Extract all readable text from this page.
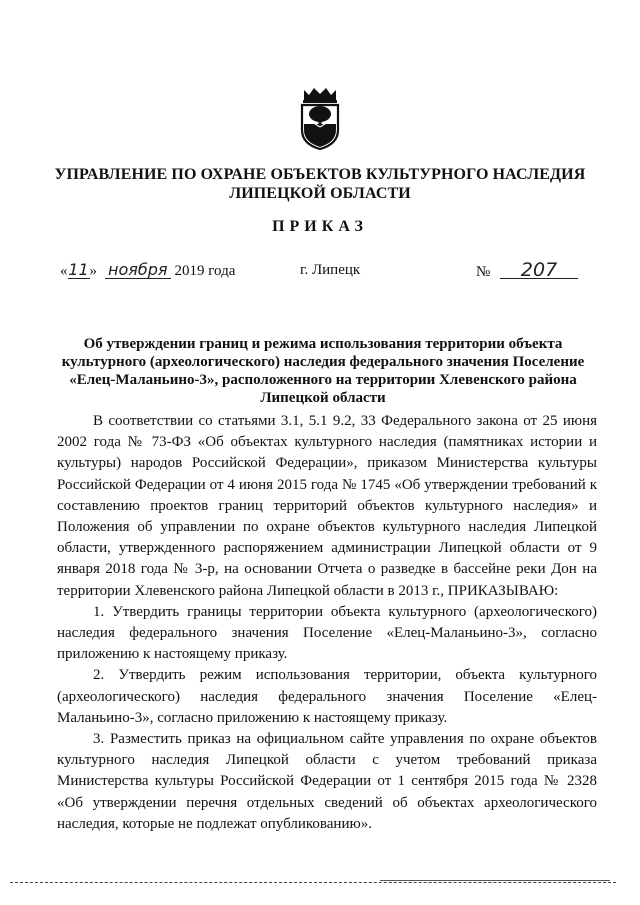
УПРАВЛЕНИЕ ПО ОХРАНЕ ОБЪЕКТОВ КУЛЬТУРНОГО НАСЛЕДИЯ
ЛИПЕЦКОЙ ОБЛАСТИ
ПРИКАЗ
«11» ноября 2019 года	г. Липецк	№ 207
Об утверждении границ и режима использования территории объекта
культурного (археологического) наследия федерального значения Поселение
«Елец-Маланьино-3», расположенного на территории Хлевенского района
Липецкой области

В соответствии со статьями 3.1, 5.1 9.2, 33 Федерального закона от 25 июня 2002 года № 73-ФЗ «Об объектах культурного наследия (памятниках истории и культуры) народов Российской Федерации», приказом Министерства культуры Российской Федерации от 4 июня 2015 года № 1745 «Об утверждении требований к составлению проектов границ территорий объектов культурного наследия» и Положения об управлении по охране объектов культурного наследия Липецкой области, утвержденного распоряжением администрации Липецкой области от 9 января 2018 года № 3-р, на основании Отчета о разведке в бассейне реки Дон на территории Хлевенского района Липецкой области в 2013 г., ПРИКАЗЫВАЮ:

1. Утвердить границы территории объекта культурного (археологического) наследия федерального значения Поселение «Елец-Маланьино-3», согласно приложению к настоящему приказу.

2. Утвердить режим использования территории, объекта культурного (археологического) наследия федерального значения Поселение «Елец-Маланьино-3», согласно приложению к настоящему приказу.

3. Разместить приказ на официальном сайте управления по охране объектов культурного наследия Липецкой области с учетом требований приказа Министерства культуры Российской Федерации от 1 сентября 2015 года № 2328 «Об утверждении перечня отдельных сведений об объектах археологического наследия, которые не подлежат опубликованию».
